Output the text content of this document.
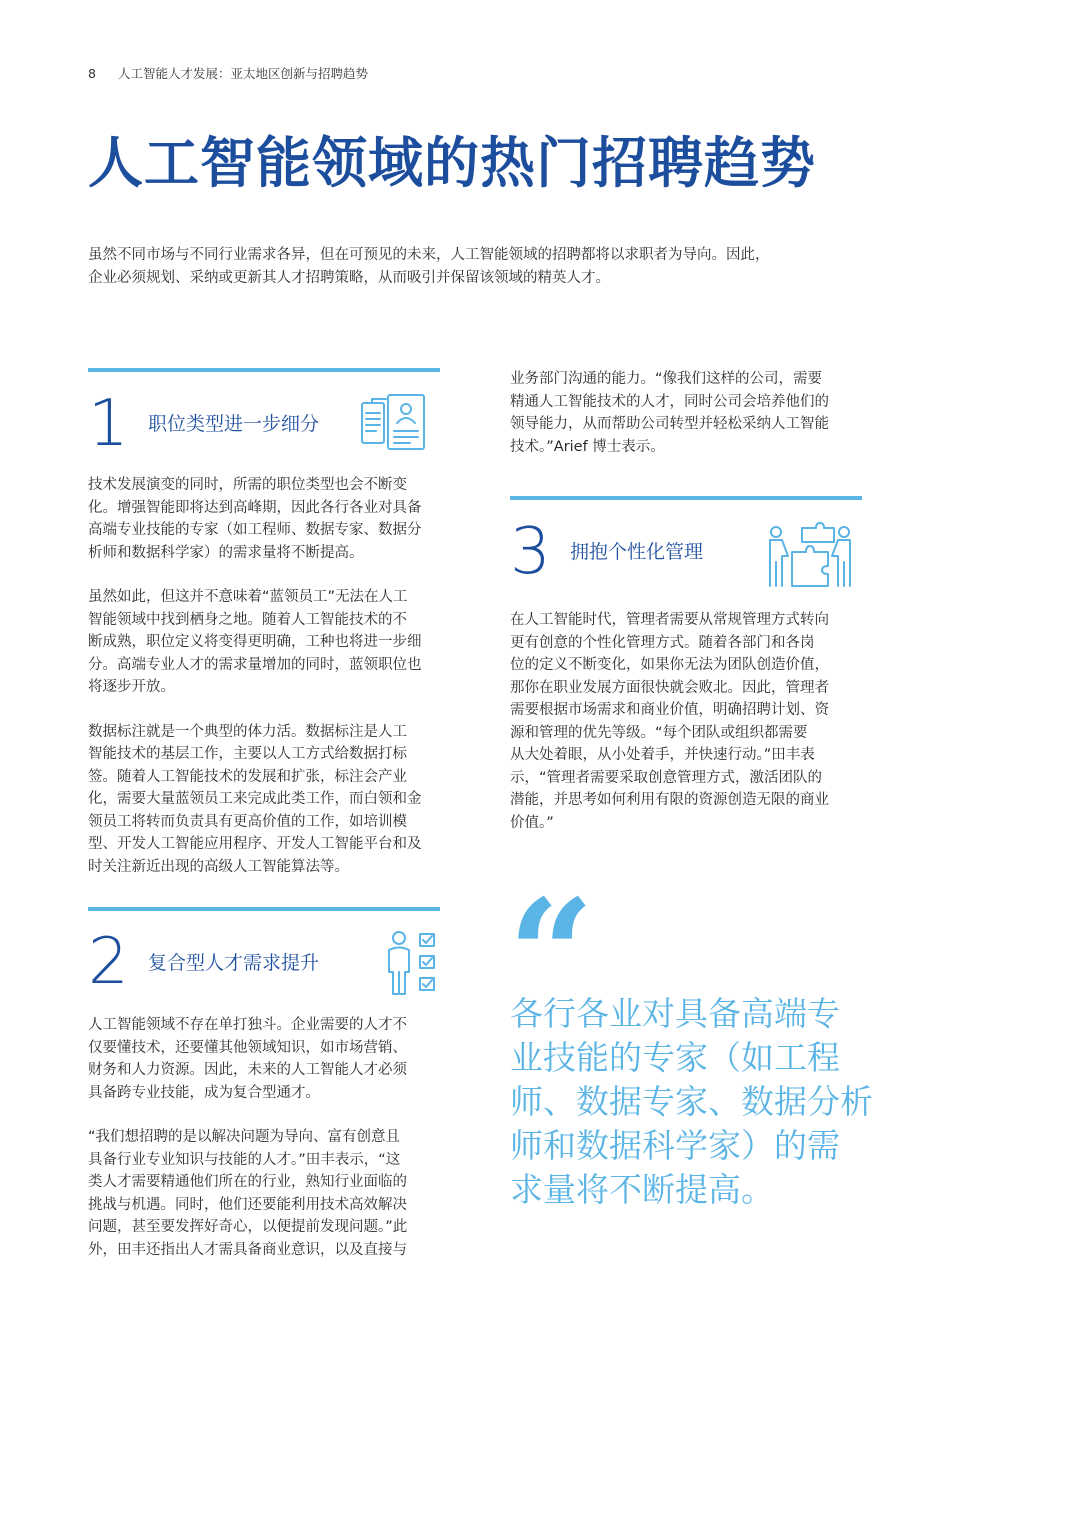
8 人工智能人才发展：亚太地区创新与招聘趋势
人工智能领域的热门招聘趋势

虽然不同市场与不同行业需求各异，但在可预见的未来，人工智能领域的招聘都将以求职者为导向。因此，

企业必须规划、采纳或更新其人才招聘策略，从而吸引并保留该领域的精英人才。

1 职位类型进一步细分

技术发展演变的同时，所需的职位类型也会不断变
化。增强智能即将达到高峰期，因此各行各业对具备
高端专业技能的专家（如工程师、数据专家、数据分
析师和数据科学家）的需求量将不断提高。

虽然如此，但这并不意味着“蓝领员工”无法在人工
智能领域中找到栖身之地。随着人工智能技术的不
断成熟，职位定义将变得更明确，工种也将进一步细
分。高端专业人才的需求量增加的同时，蓝领职位也
将逐步开放。

数据标注就是一个典型的体力活。数据标注是人工
智能技术的基层工作，主要以人工方式给数据打标
签。随着人工智能技术的发展和扩张，标注会产业
化，需要大量蓝领员工来完成此类工作，而白领和金
领员工将转而负责具有更高价值的工作，如培训模
型、开发人工智能应用程序、开发人工智能平台和及
时关注新近出现的高级人工智能算法等。

2 复合型人才需求提升

人工智能领域不存在单打独斗。企业需要的人才不
仅要懂技术，还要懂其他领域知识，如市场营销、
财务和人力资源。因此，未来的人工智能人才必须
具备跨专业技能，成为复合型通才。

“我们想招聘的是以解决问题为导向、富有创意且
具备行业专业知识与技能的人才。”田丰表示，“这
类人才需要精通他们所在的行业，熟知行业面临的
挑战与机遇。同时，他们还要能利用技术高效解决
问题，甚至要发挥好奇心，以便提前发现问题。”此
外，田丰还指出人才需具备商业意识，以及直接与

业务部门沟通的能力。“像我们这样的公司，需要
精通人工智能技术的人才，同时公司会培养他们的
领导能力，从而帮助公司转型并轻松采纳人工智能
技术。”Arief 博士表示。

3 拥抱个性化管理

在人工智能时代，管理者需要从常规管理方式转向
更有创意的个性化管理方式。随着各部门和各岗
位的定义不断变化，如果你无法为团队创造价值，
那你在职业发展方面很快就会败北。因此，管理者
需要根据市场需求和商业价值，明确招聘计划、资
源和管理的优先等级。“每个团队或组织都需要
从大处着眼，从小处着手，并快速行动。”田丰表
示，“管理者需要采取创意管理方式，激活团队的
潜能，并思考如何利用有限的资源创造无限的商业
价值。”

“
各行各业对具备高端专
业技能的专家（如工程
师、数据专家、数据分析
师和数据科学家）的需
求量将不断提高。
